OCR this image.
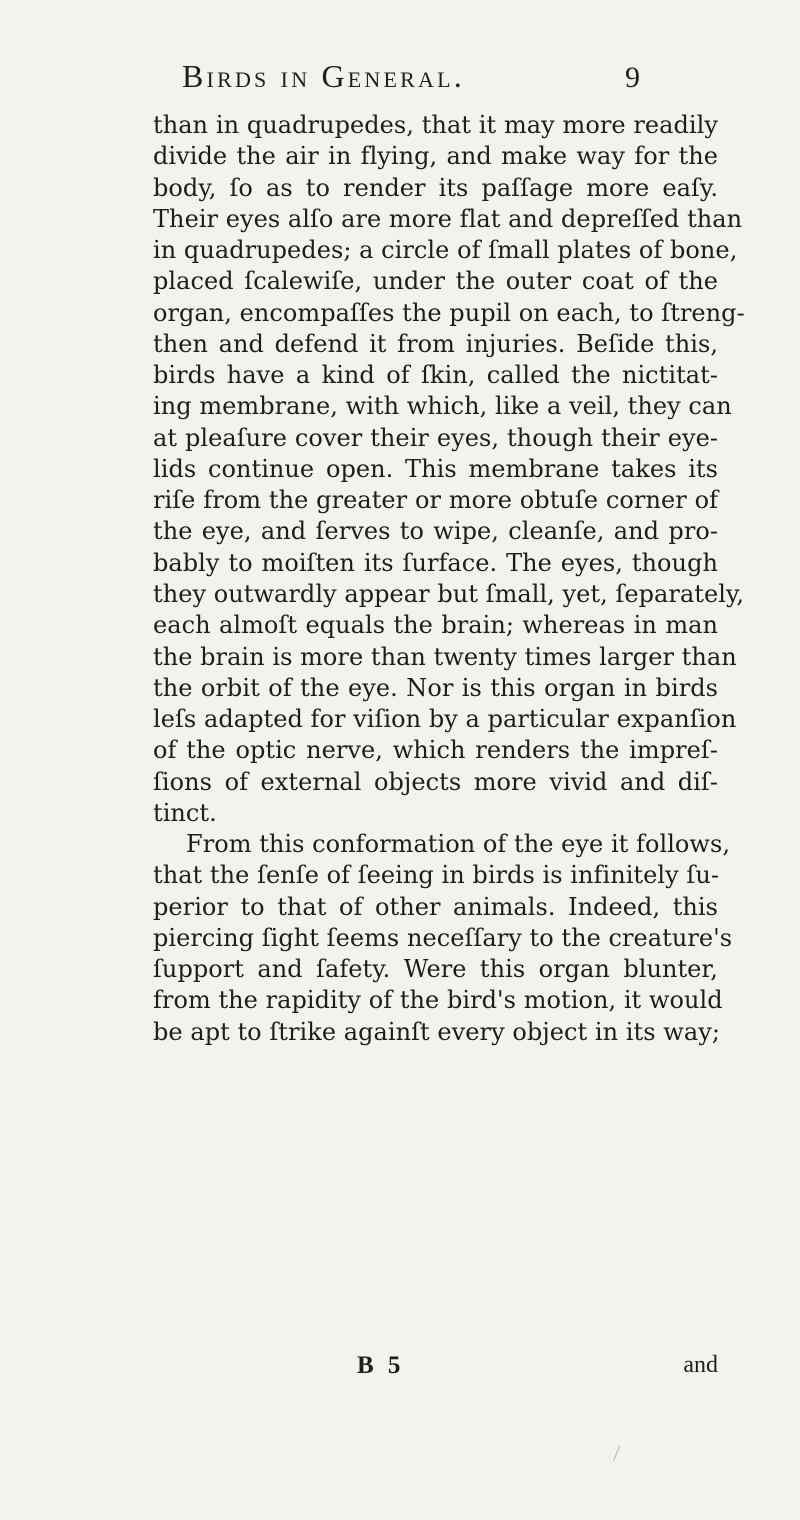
Birds in General.	9
than in quadrupedes, that it may more readily
divide the air in flying, and make way for the
body, ſo as to render its paſſage more eaſy.
Their eyes alſo are more flat and depreſſed than
in quadrupedes; a circle of ſmall plates of bone,
placed ſcalewiſe, under the outer coat of the
organ, encompaſſes the pupil on each, to ſtreng-
then and defend it from injuries. Beſide this,
birds have a kind of ſkin, called the nictitat-
ing membrane, with which, like a veil, they can
at pleaſure cover their eyes, though their eye-
lids continue open. This membrane takes its
riſe from the greater or more obtuſe corner of
the eye, and ſerves to wipe, cleanſe, and pro-
bably to moiſten its ſurface. The eyes, though
they outwardly appear but ſmall, yet, ſeparately,
each almoſt equals the brain; whereas in man
the brain is more than twenty times larger than
the orbit of the eye. Nor is this organ in birds
leſs adapted for viſion by a particular expanſion
of the optic nerve, which renders the impreſ-
ſions of external objects more vivid and diſ-
tinct.
From this conformation of the eye it follows,
that the ſenſe of ſeeing in birds is infinitely ſu-
perior to that of other animals. Indeed, this
piercing ſight ſeems neceſſary to the creature's
ſupport and ſafety. Were this organ blunter,
from the rapidity of the bird's motion, it would
be apt to ſtrike againſt every object in its way;
B 5	and
